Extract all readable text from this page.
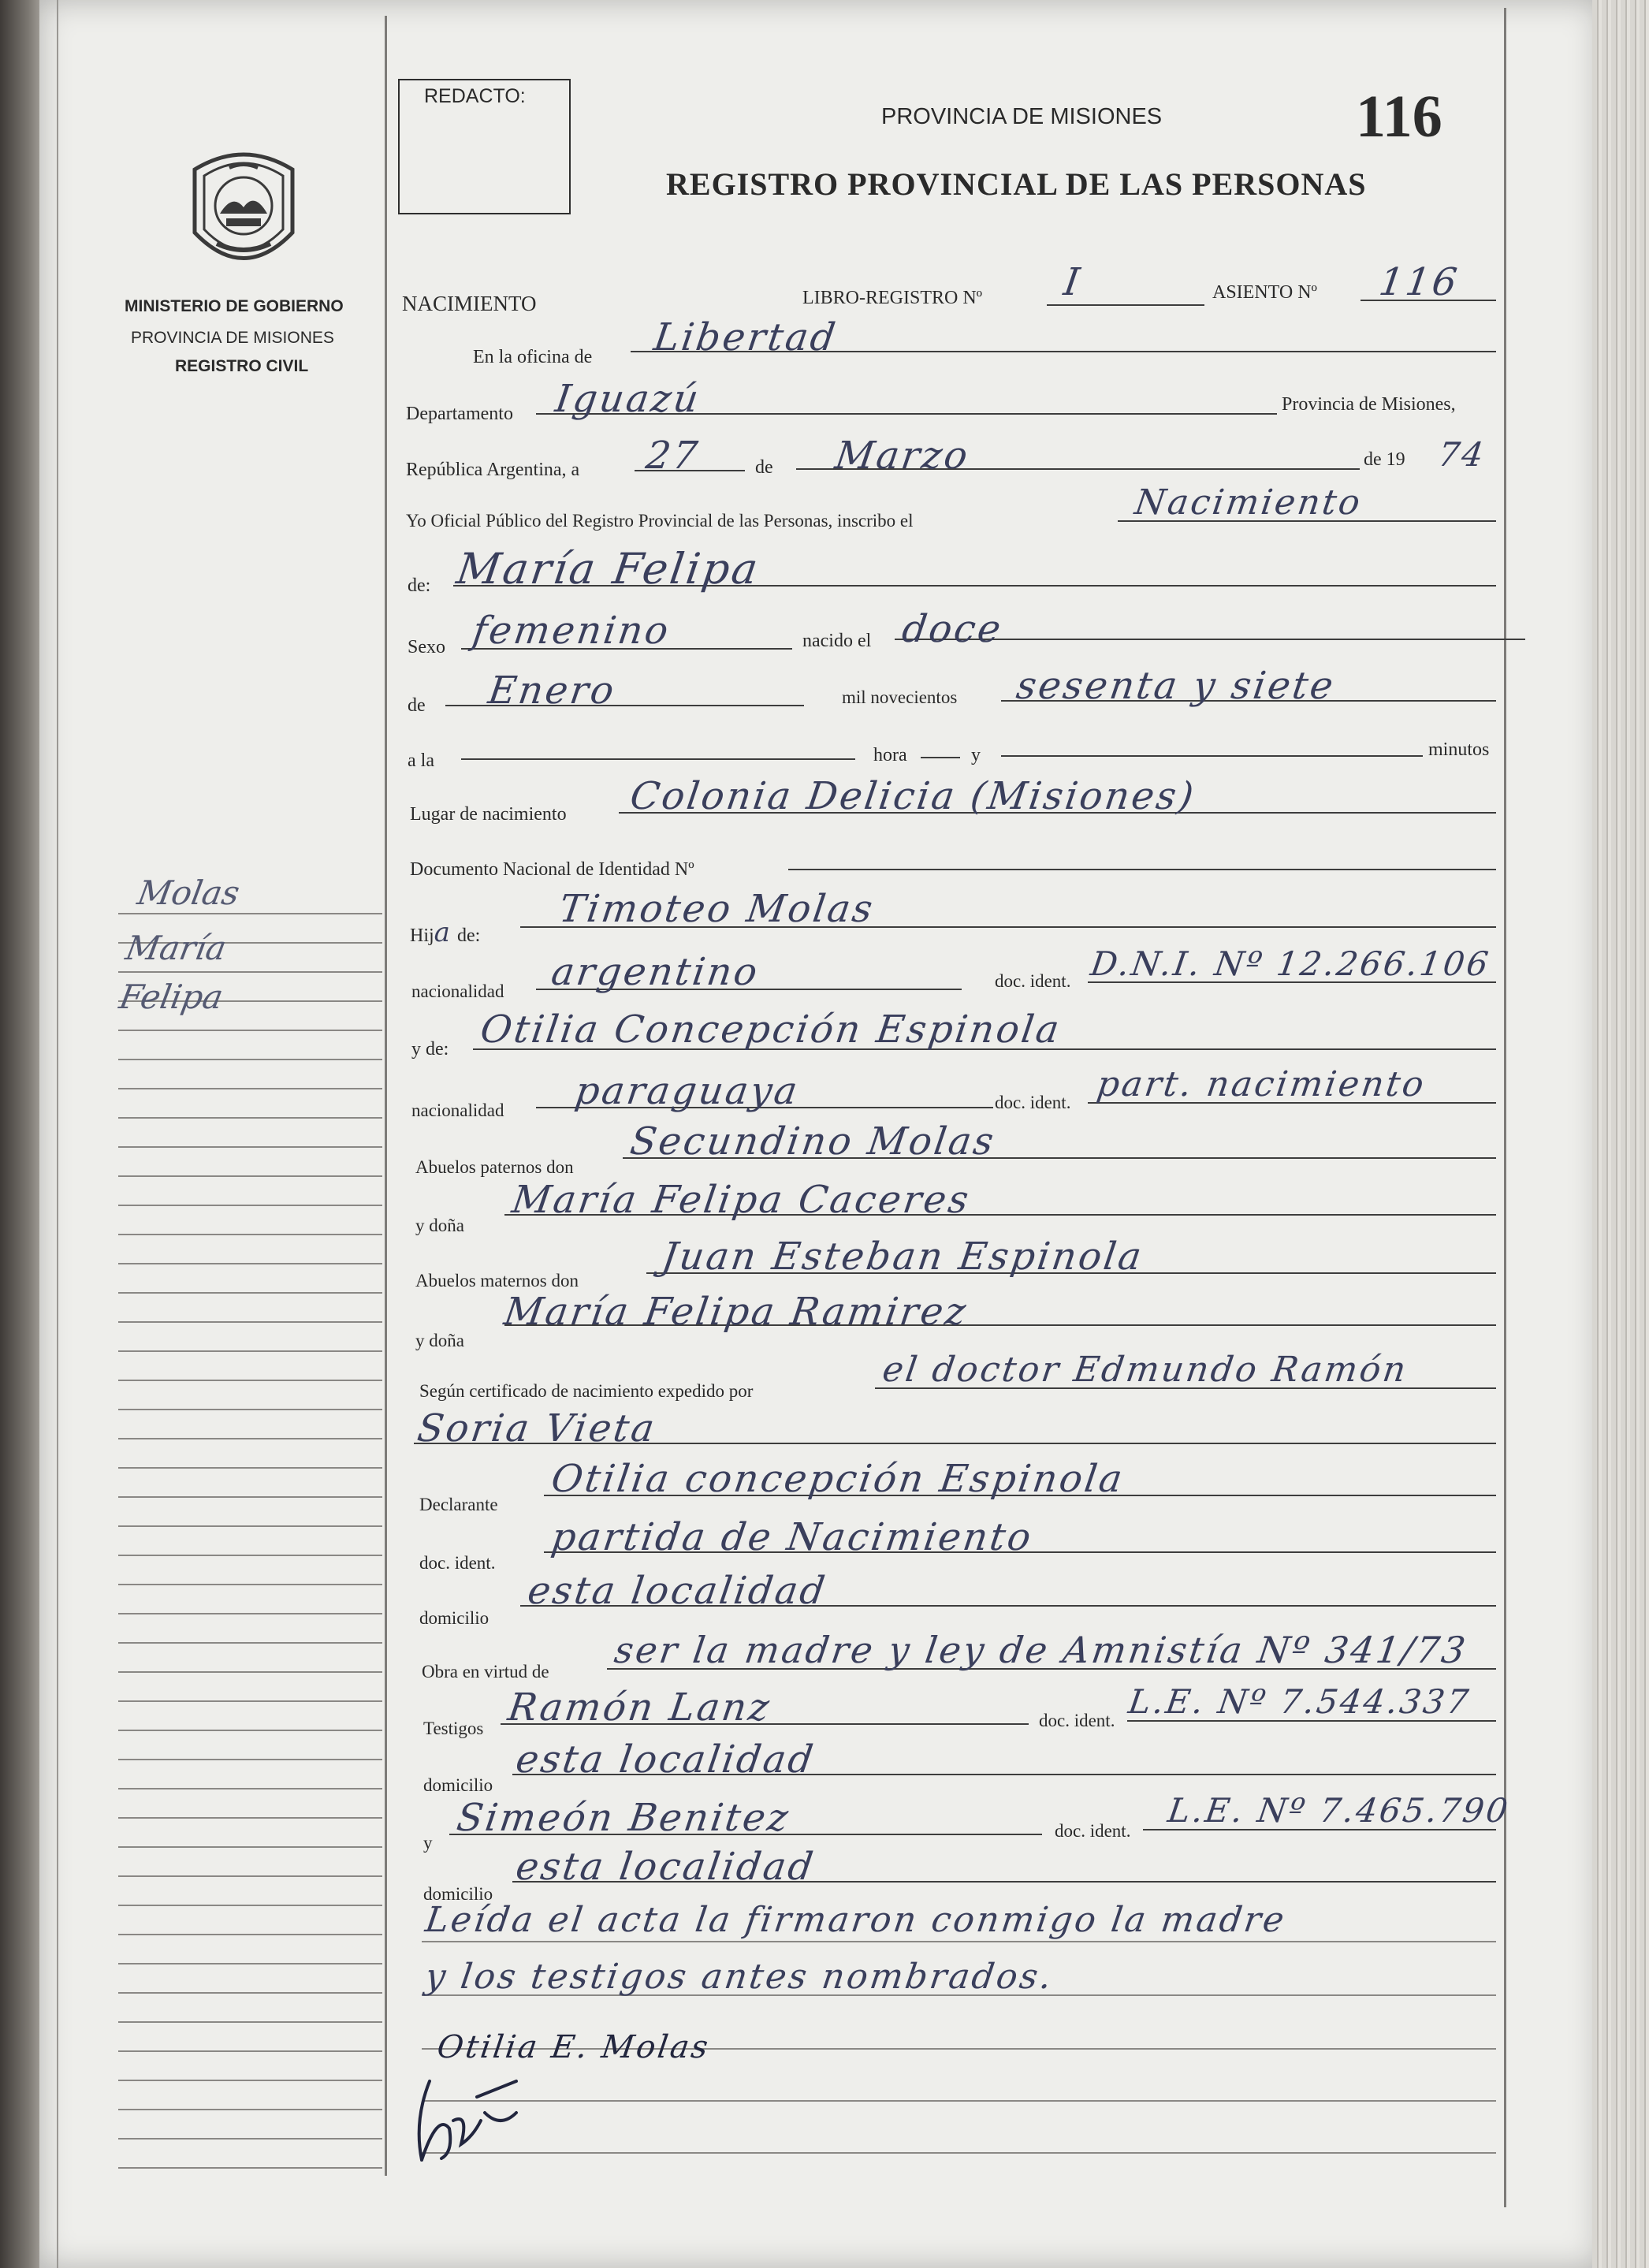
REDACTO:
PROVINCIA DE MISIONES	116
REGISTRO PROVINCIAL DE LAS PERSONAS
MINISTERIO DE GOBIERNO
PROVINCIA DE MISIONES
REGISTRO CIVIL
Molas
María
Felipa
NACIMIENTO	LIBRO-REGISTRO Nº I	ASIENTO Nº 116
En la oficina de Libertad
Departamento Iguazú	Provincia de Misiones,
República Argentina, a 27	de Marzo	de 19 74
Yo Oficial Público del Registro Provincial de las Personas, inscribo el	Nacimiento
de: María Felipa
Sexo femenino	nacido el doce
de Enero	mil novecientos sesenta y siete
a la	hora	y	minutos
Lugar de nacimiento Colonia Delicia (Misiones)
Documento Nacional de Identidad Nº
Hija de:
Timoteo Molas
nacionalidad argentino	doc. ident. D.N.I. Nº 12.266.106
y de: Otilia Concepción Espinola
nacionalidad paraguaya	doc. ident. part. nacimiento
Abuelos paternos don
Secundino Molas
y doña
María Felipa Caceres
Abuelos maternos don
Juan Esteban Espinola
y doña
María Felipa Ramirez
Según certificado de nacimiento expedido por
el doctor Edmundo Ramón
Soria Vieta
Declarante
Otilia concepción Espinola
doc. ident.
partida de Nacimiento
domicilio
esta localidad
Obra en virtud de
ser la madre y ley de Amnistía Nº 341/73
Testigos Ramón Lanz	doc. ident. L.E. Nº 7.544.337
domicilio
esta localidad
y
Simeón Benitez	doc. ident.
L.E. Nº 7.465.790
domicilio
esta localidad
Leída el acta la firmaron conmigo la madre
y los testigos antes nombrados.
Otilia E. Molas
